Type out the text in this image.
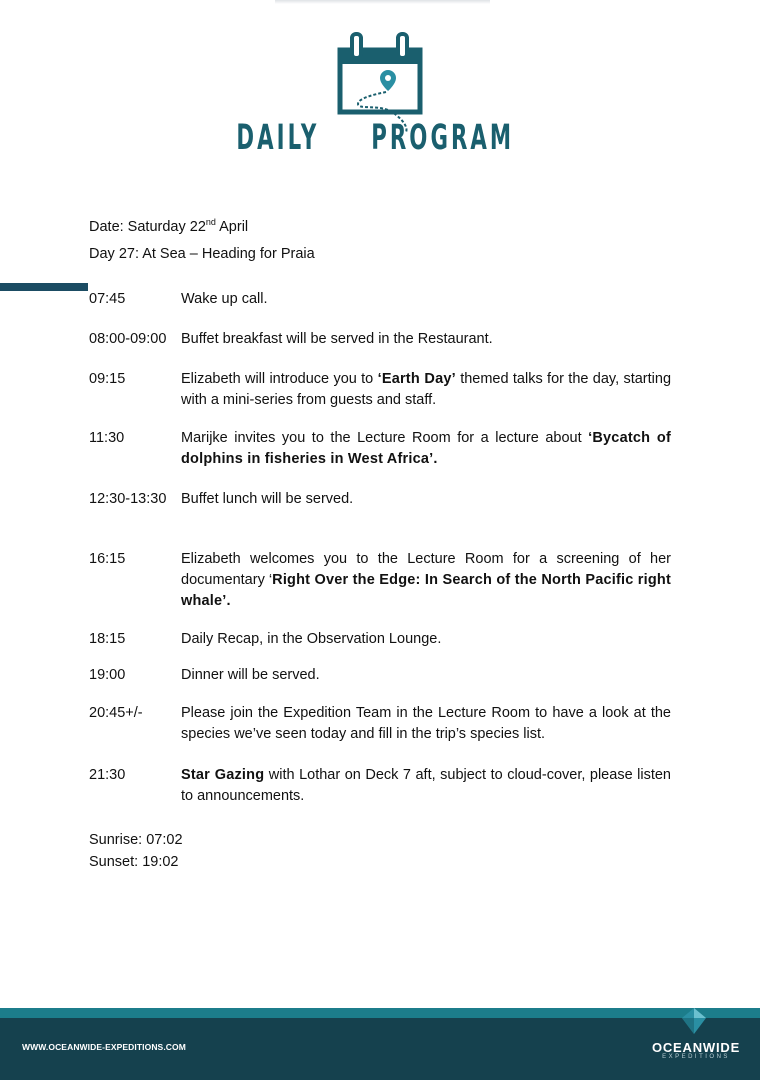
DAILY PROGRAM
Date: Saturday 22nd April
Day 27: At Sea – Heading for Praia
07:45	Wake up call.
08:00-09:00	Buffet breakfast will be served in the Restaurant.
09:15	Elizabeth will introduce you to ‘Earth Day’ themed talks for the day, starting with a mini-series from guests and staff.
11:30	Marijke invites you to the Lecture Room for a lecture about ‘Bycatch of dolphins in fisheries in West Africa’.
12:30-13:30	Buffet lunch will be served.
16:15	Elizabeth welcomes you to the Lecture Room for a screening of her documentary ‘Right Over the Edge: In Search of the North Pacific right whale’.
18:15	Daily Recap, in the Observation Lounge.
19:00	Dinner will be served.
20:45+/-	Please join the Expedition Team in the Lecture Room to have a look at the species we’ve seen today and fill in the trip’s species list.
21:30	Star Gazing with Lothar on Deck 7 aft, subject to cloud-cover, please listen to announcements.
Sunrise: 07:02
Sunset: 19:02
WWW.OCEANWIDE-EXPEDITIONS.COM	OCEANWIDE
EXPEDITIONS
